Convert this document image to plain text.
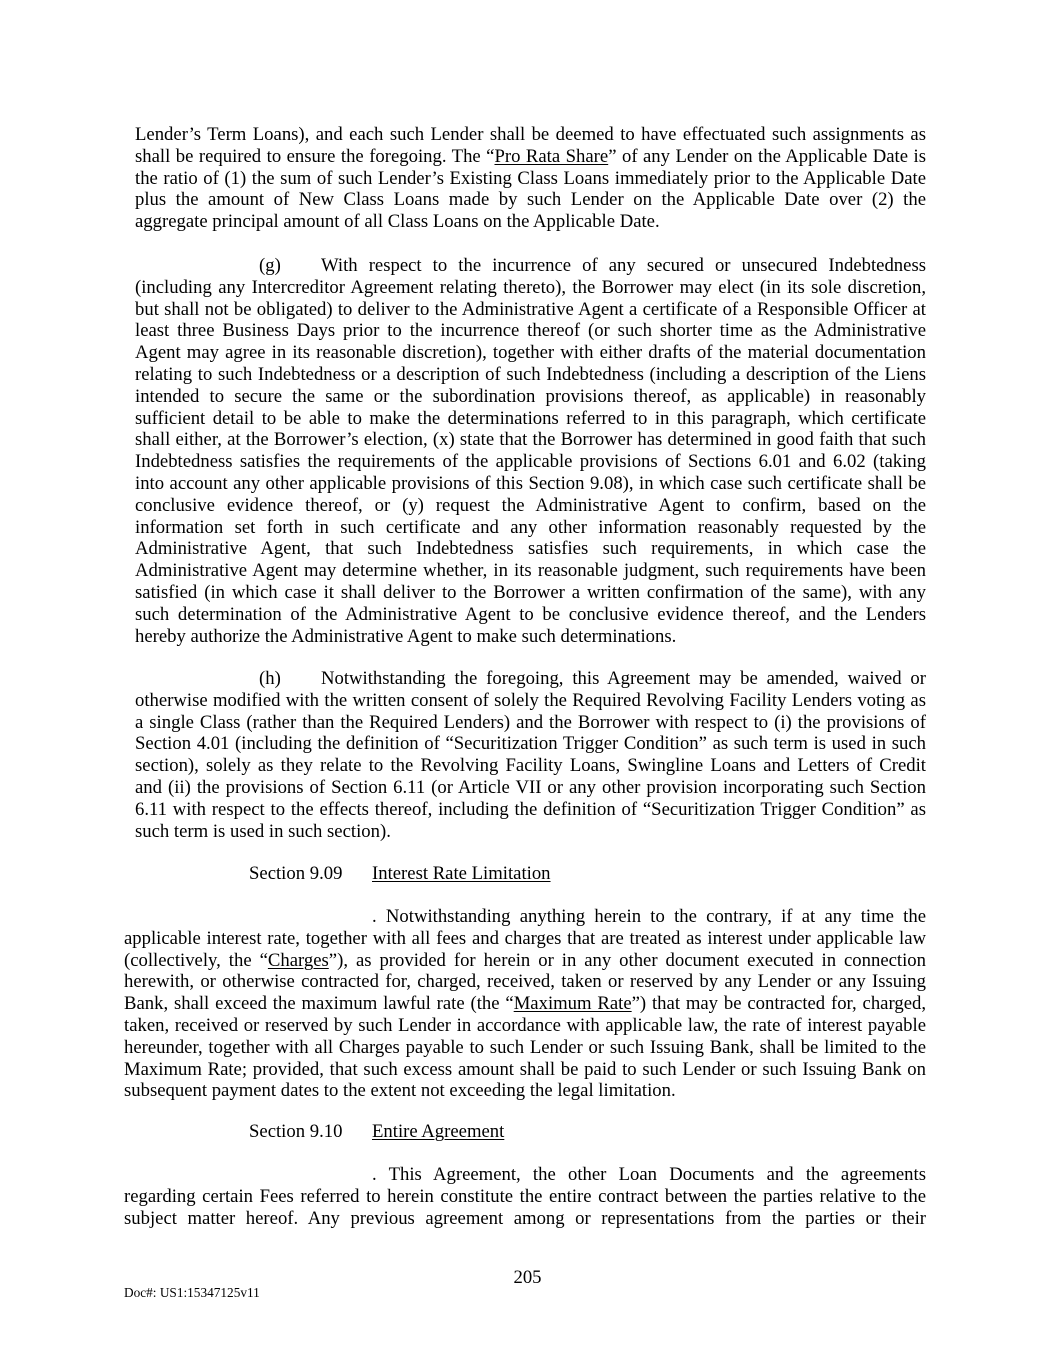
Lender’s Term Loans), and each such Lender shall be deemed to have effectuated such assignments as
shall be required to ensure the foregoing. The “Pro Rata Share” of any Lender on the Applicable Date is
the ratio of (1) the sum of such Lender’s Existing Class Loans immediately prior to the Applicable Date
plus the amount of New Class Loans made by such Lender on the Applicable Date over (2) the
aggregate principal amount of all Class Loans on the Applicable Date.
(g) With respect to the incurrence of any secured or unsecured Indebtedness
(including any Intercreditor Agreement relating thereto), the Borrower may elect (in its sole discretion,
but shall not be obligated) to deliver to the Administrative Agent a certificate of a Responsible Officer at
least three Business Days prior to the incurrence thereof (or such shorter time as the Administrative
Agent may agree in its reasonable discretion), together with either drafts of the material documentation
relating to such Indebtedness or a description of such Indebtedness (including a description of the Liens
intended to secure the same or the subordination provisions thereof, as applicable) in reasonably
sufficient detail to be able to make the determinations referred to in this paragraph, which certificate
shall either, at the Borrower’s election, (x) state that the Borrower has determined in good faith that such
Indebtedness satisfies the requirements of the applicable provisions of Sections 6.01 and 6.02 (taking
into account any other applicable provisions of this Section 9.08), in which case such certificate shall be
conclusive evidence thereof, or (y) request the Administrative Agent to confirm, based on the
information set forth in such certificate and any other information reasonably requested by the
Administrative Agent, that such Indebtedness satisfies such requirements, in which case the
Administrative Agent may determine whether, in its reasonable judgment, such requirements have been
satisfied (in which case it shall deliver to the Borrower a written confirmation of the same), with any
such determination of the Administrative Agent to be conclusive evidence thereof, and the Lenders
hereby authorize the Administrative Agent to make such determinations.
(h) Notwithstanding the foregoing, this Agreement may be amended, waived or
otherwise modified with the written consent of solely the Required Revolving Facility Lenders voting as
a single Class (rather than the Required Lenders) and the Borrower with respect to (i) the provisions of
Section 4.01 (including the definition of “Securitization Trigger Condition” as such term is used in such
section), solely as they relate to the Revolving Facility Loans, Swingline Loans and Letters of Credit
and (ii) the provisions of Section 6.11 (or Article VII or any other provision incorporating such Section
6.11 with respect to the effects thereof, including the definition of “Securitization Trigger Condition” as
such term is used in such section).
Section 9.09 Interest Rate Limitation
. Notwithstanding anything herein to the contrary, if at any time the
applicable interest rate, together with all fees and charges that are treated as interest under applicable law
(collectively, the “Charges”), as provided for herein or in any other document executed in connection
herewith, or otherwise contracted for, charged, received, taken or reserved by any Lender or any Issuing
Bank, shall exceed the maximum lawful rate (the “Maximum Rate”) that may be contracted for, charged,
taken, received or reserved by such Lender in accordance with applicable law, the rate of interest payable
hereunder, together with all Charges payable to such Lender or such Issuing Bank, shall be limited to the
Maximum Rate; provided, that such excess amount shall be paid to such Lender or such Issuing Bank on
subsequent payment dates to the extent not exceeding the legal limitation.
Section 9.10 Entire Agreement
. This Agreement, the other Loan Documents and the agreements
regarding certain Fees referred to herein constitute the entire contract between the parties relative to the
subject matter hereof. Any previous agreement among or representations from the parties or their
205
Doc#: US1:15347125v11
